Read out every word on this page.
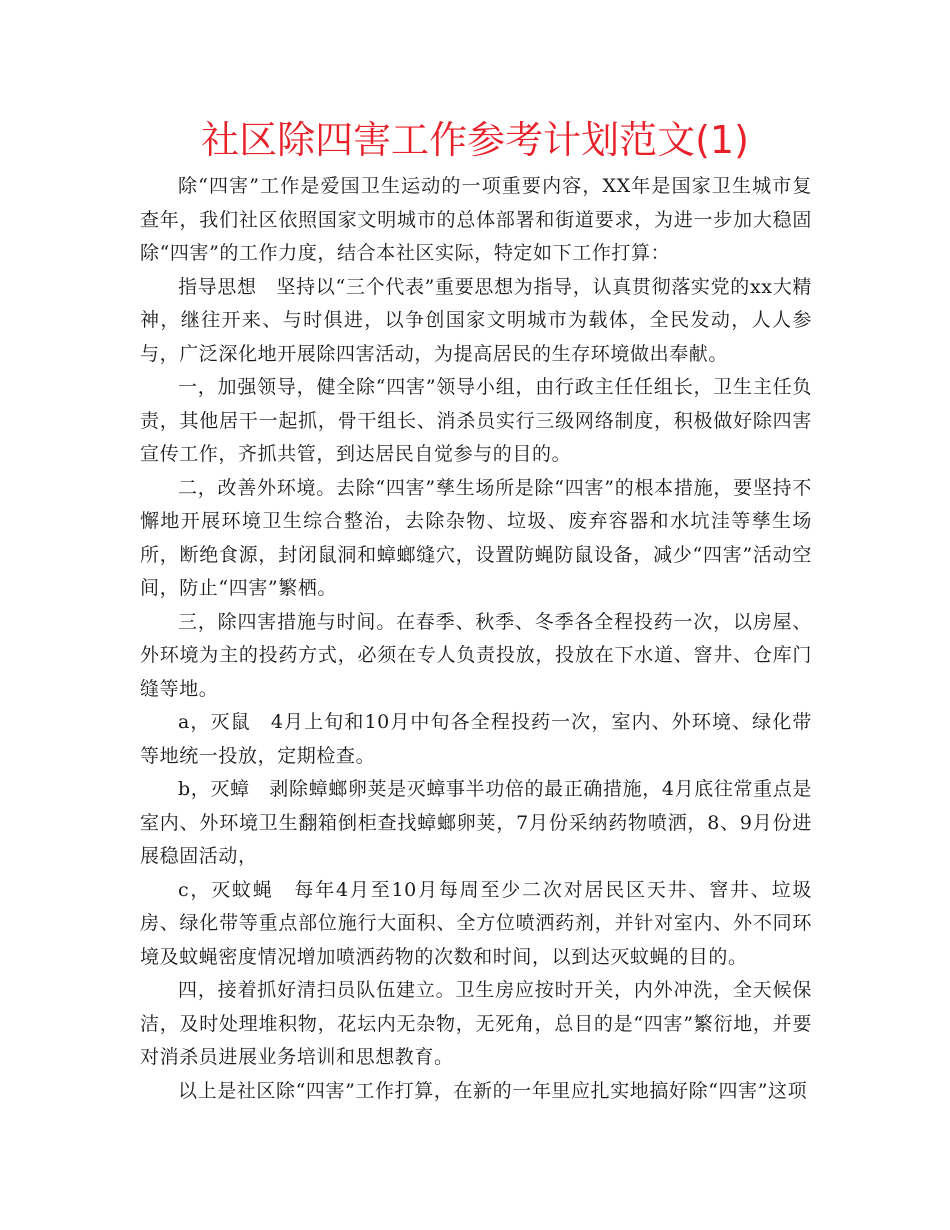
社区除四害工作参考计划范文(1)

除“四害”工作是爱国卫生运动的一项重要内容，XX年是国家卫生城市复查年，我们社区依照国家文明城市的总体部署和街道要求，为进一步加大稳固除“四害”的工作力度，结合本社区实际，特定如下工作打算：

指导思想　坚持以“三个代表”重要思想为指导，认真贯彻落实党的xx大精神，继往开来、与时俱进，以争创国家文明城市为载体，全民发动，人人参与，广泛深化地开展除四害活动，为提高居民的生存环境做出奉献。

一，加强领导，健全除“四害”领导小组，由行政主任任组长，卫生主任负责，其他居干一起抓，骨干组长、消杀员实行三级网络制度，积极做好除四害宣传工作，齐抓共管，到达居民自觉参与的目的。

二，改善外环境。去除“四害”孳生场所是除“四害”的根本措施，要坚持不懈地开展环境卫生综合整治，去除杂物、垃圾、废弃容器和水坑洼等孳生场所，断绝食源，封闭鼠洞和蟑螂缝穴，设置防蝇防鼠设备，减少“四害”活动空间，防止“四害”繁栖。

三，除四害措施与时间。在春季、秋季、冬季各全程投药一次，以房屋、外环境为主的投药方式，必须在专人负责投放，投放在下水道、窨井、仓库门缝等地。

a，灭鼠　4月上旬和10月中旬各全程投药一次，室内、外环境、绿化带等地统一投放，定期检查。

b，灭蟑　剥除蟑螂卵荚是灭蟑事半功倍的最正确措施，4月底往常重点是室内、外环境卫生翻箱倒柜查找蟑螂卵荚，7月份采纳药物喷洒，8、9月份进展稳固活动，

c，灭蚊蝇　每年4月至10月每周至少二次对居民区天井、窨井、垃圾房、绿化带等重点部位施行大面积、全方位喷洒药剂，并针对室内、外不同环境及蚊蝇密度情况增加喷洒药物的次数和时间，以到达灭蚊蝇的目的。

四，接着抓好清扫员队伍建立。卫生房应按时开关，内外冲洗，全天候保洁，及时处理堆积物，花坛内无杂物，无死角，总目的是“四害”繁衍地，并要对消杀员进展业务培训和思想教育。

以上是社区除“四害”工作打算，在新的一年里应扎实地搞好除“四害”这项
